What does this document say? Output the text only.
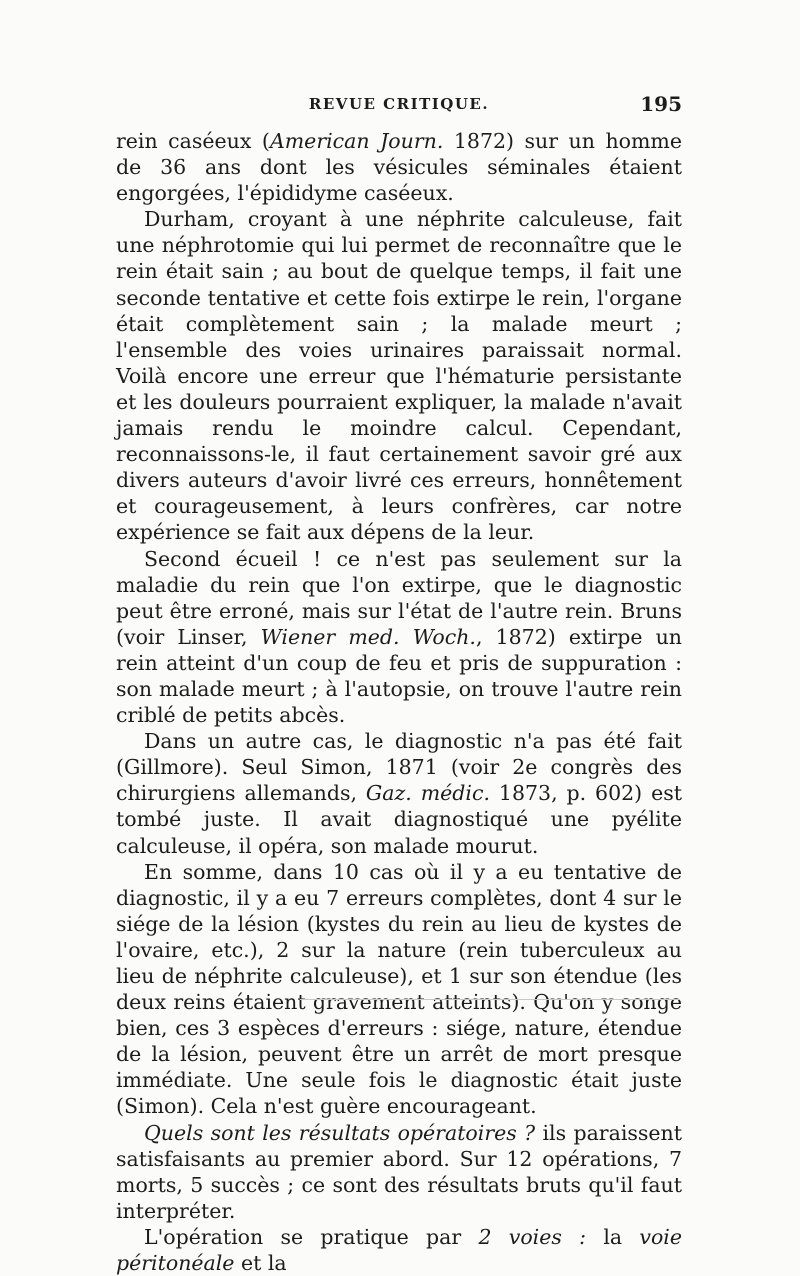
REVUE CRITIQUE.	195

rein caséeux (American Journ. 1872) sur un homme de 36 ans dont les vésicules séminales étaient engorgées, l'épididyme caséeux.

Durham, croyant à une néphrite calculeuse, fait une néphrotomie qui lui permet de reconnaître que le rein était sain ; au bout de quelque temps, il fait une seconde tentative et cette fois extirpe le rein, l'organe était complètement sain ; la malade meurt ; l'ensemble des voies urinaires paraissait normal. Voilà encore une erreur que l'hématurie persistante et les douleurs pourraient expliquer, la malade n'avait jamais rendu le moindre calcul. Cependant, reconnaissons-le, il faut certainement savoir gré aux divers auteurs d'avoir livré ces erreurs, honnêtement et courageusement, à leurs confrères, car notre expérience se fait aux dépens de la leur.

Second écueil ! ce n'est pas seulement sur la maladie du rein que l'on extirpe, que le diagnostic peut être erroné, mais sur l'état de l'autre rein. Bruns (voir Linser, Wiener med. Woch., 1872) extirpe un rein atteint d'un coup de feu et pris de suppuration : son malade meurt ; à l'autopsie, on trouve l'autre rein criblé de petits abcès.

Dans un autre cas, le diagnostic n'a pas été fait (Gillmore). Seul Simon, 1871 (voir 2e congrès des chirurgiens allemands, Gaz. médic. 1873, p. 602) est tombé juste. Il avait diagnostiqué une pyélite calculeuse, il opéra, son malade mourut.

En somme, dans 10 cas où il y a eu tentative de diagnostic, il y a eu 7 erreurs complètes, dont 4 sur le siége de la lésion (kystes du rein au lieu de kystes de l'ovaire, etc.), 2 sur la nature (rein tuberculeux au lieu de néphrite calculeuse), et 1 sur son étendue (les deux reins étaient gravement atteints). Qu'on y songe bien, ces 3 espèces d'erreurs : siége, nature, étendue de la lésion, peuvent être un arrêt de mort presque immédiate. Une seule fois le diagnostic était juste (Simon). Cela n'est guère encourageant.

Quels sont les résultats opératoires ? ils paraissent satisfaisants au premier abord. Sur 12 opérations, 7 morts, 5 succès ; ce sont des résultats bruts qu'il faut interpréter.

L'opération se pratique par 2 voies : la voie péritonéale et la
